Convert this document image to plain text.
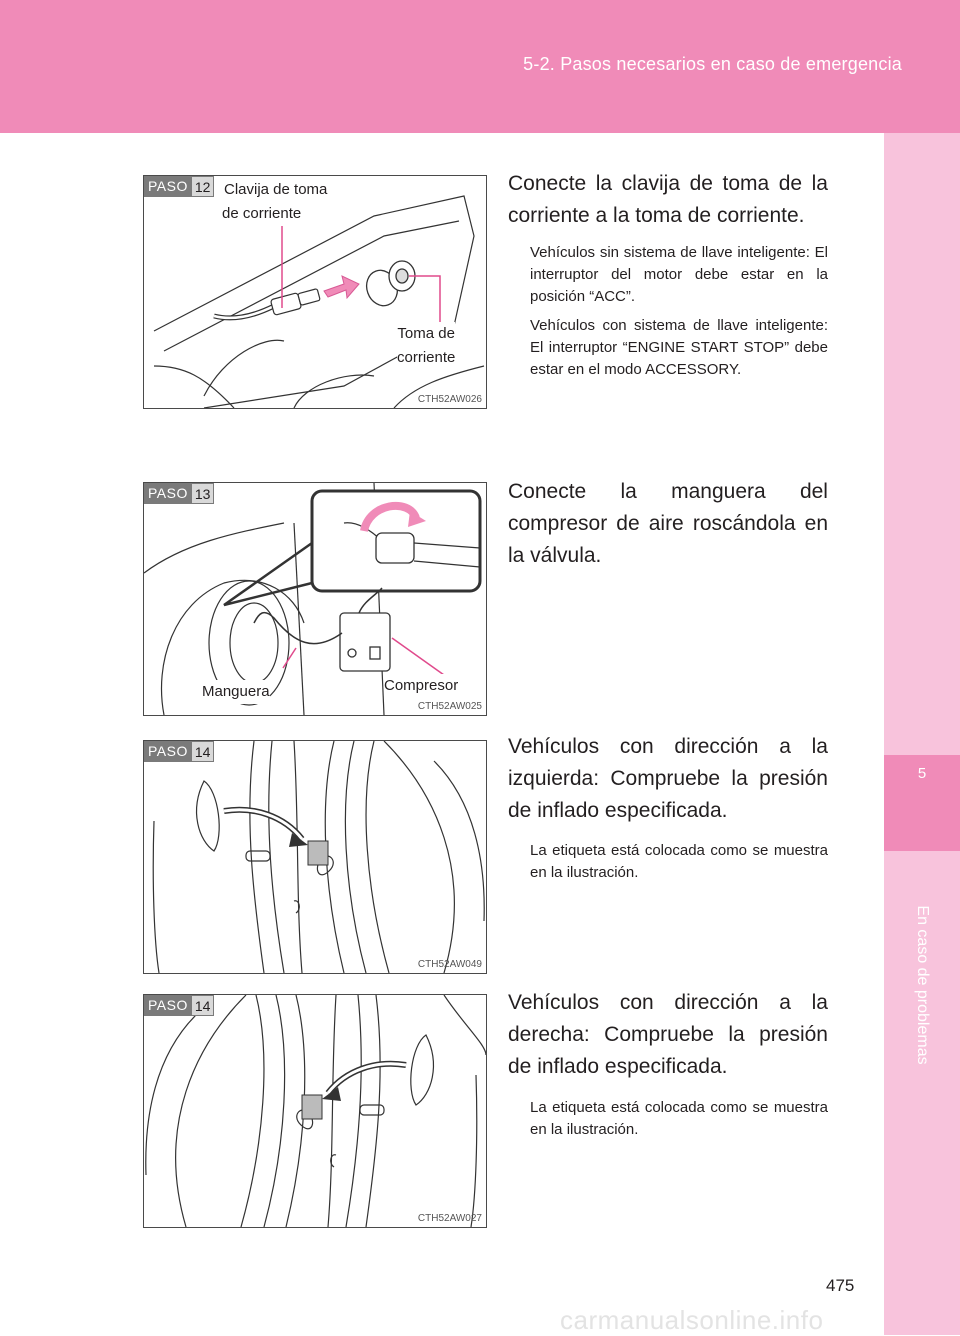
5-2. Pasos necesarios en caso de emergencia
5
En caso de problemas
PASO 12 Clavija de toma
de corriente
Toma de
corriente
CTH52AW026
Conecte la clavija de toma de la
corriente a la toma de corriente.

Vehículos sin sistema de llave inteligente: El interruptor del motor debe estar en la posición “ACC”.

Vehículos con sistema de llave inteligente: El interruptor “ENGINE START STOP” debe estar en el modo ACCESSORY.

PASO 13
Manguera	Compresor
CTH52AW025
Conecte la manguera del
compresor de aire roscándola en
la válvula.
PASO 14
CTH52AW049
Vehículos con dirección a la
izquierda: Compruebe la presión
de inflado especificada.

La etiqueta está colocada como se muestra en la ilustración.

PASO 14
CTH52AW027
Vehículos con dirección a la
derecha: Compruebe la presión
de inflado especificada.

La etiqueta está colocada como se muestra en la ilustración.

475
carmanualsonline.info
